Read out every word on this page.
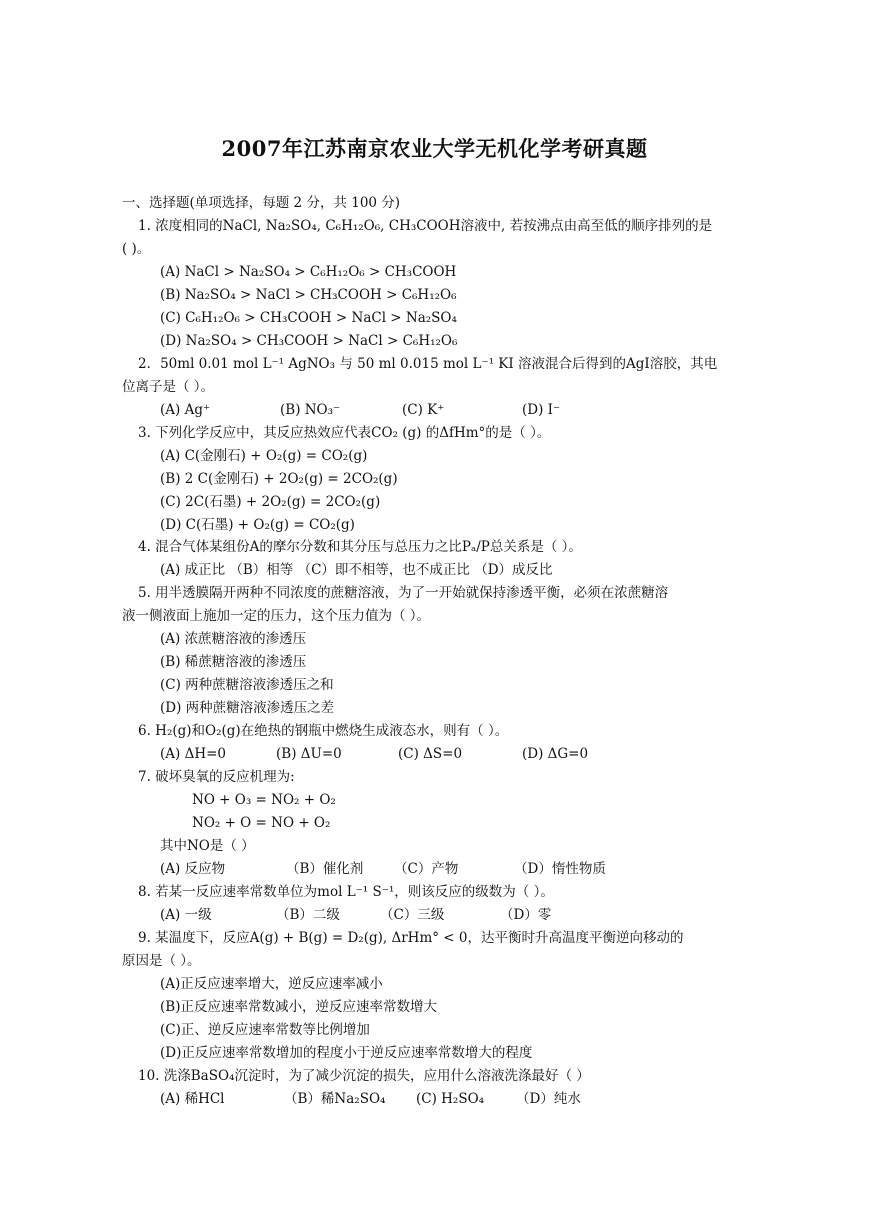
2007年江苏南京农业大学无机化学考研真题
一、选择题(单项选择，每题 2 分，共 100 分)
1. 浓度相同的NaCl, Na₂SO₄, C₆H₁₂O₆, CH₃COOH溶液中, 若按沸点由高至低的顺序排列的是
( )。
(A) NaCl > Na₂SO₄ > C₆H₁₂O₆ > CH₃COOH
(B) Na₂SO₄ > NaCl > CH₃COOH > C₆H₁₂O₆
(C) C₆H₁₂O₆ > CH₃COOH > NaCl > Na₂SO₄
(D) Na₂SO₄ > CH₃COOH > NaCl > C₆H₁₂O₆
2．50ml 0.01 mol L⁻¹ AgNO₃ 与 50 ml 0.015 mol L⁻¹ KI 溶液混合后得到的AgI溶胶，其电
位离子是（ ）。
(A) Ag⁺	(B) NO₃⁻	(C) K⁺	(D) I⁻
3. 下列化学反应中，其反应热效应代表CO₂ (g) 的ΔfHm°的是（ ）。
(A) C(金刚石) + O₂(g) = CO₂(g)
(B) 2 C(金刚石) + 2O₂(g) = 2CO₂(g)
(C) 2C(石墨) + 2O₂(g) = 2CO₂(g)
(D) C(石墨) + O₂(g) = CO₂(g)
4. 混合气体某组份A的摩尔分数和其分压与总压力之比Pₐ/P总关系是（ ）。
(A) 成正比 （B）相等 （C）即不相等，也不成正比 （D）成反比
5. 用半透膜隔开两种不同浓度的蔗糖溶液，为了一开始就保持渗透平衡，必须在浓蔗糖溶
液一侧液面上施加一定的压力，这个压力值为（ ）。
(A) 浓蔗糖溶液的渗透压
(B) 稀蔗糖溶液的渗透压
(C) 两种蔗糖溶液渗透压之和
(D) 两种蔗糖溶液渗透压之差
6. H₂(g)和O₂(g)在绝热的钢瓶中燃烧生成液态水，则有（ ）。
(A) ΔH=0	(B) ΔU=0	(C) ΔS=0	(D) ΔG=0
7. 破坏臭氧的反应机理为:
NO + O₃ = NO₂ + O₂
NO₂ + O = NO + O₂
其中NO是（ ）
(A) 反应物	（B）催化剂 （C）产物	（D）惰性物质
8. 若某一反应速率常数单位为mol L⁻¹ S⁻¹，则该反应的级数为（ ）。
(A) 一级	（B）二级	（C）三级	（D）零
9. 某温度下，反应A(g) + B(g) = D₂(g), ΔrHm° < 0，达平衡时升高温度平衡逆向移动的
原因是（ ）。
(A)正反应速率增大，逆反应速率减小
(B)正反应速率常数减小，逆反应速率常数增大
(C)正、逆反应速率常数等比例增加
(D)正反应速率常数增加的程度小于逆反应速率常数增大的程度
10. 洗涤BaSO₄沉淀时，为了减少沉淀的损失，应用什么溶液洗涤最好（ ）
(A) 稀HCl	（B）稀Na₂SO₄ (C) H₂SO₄ （D）纯水
